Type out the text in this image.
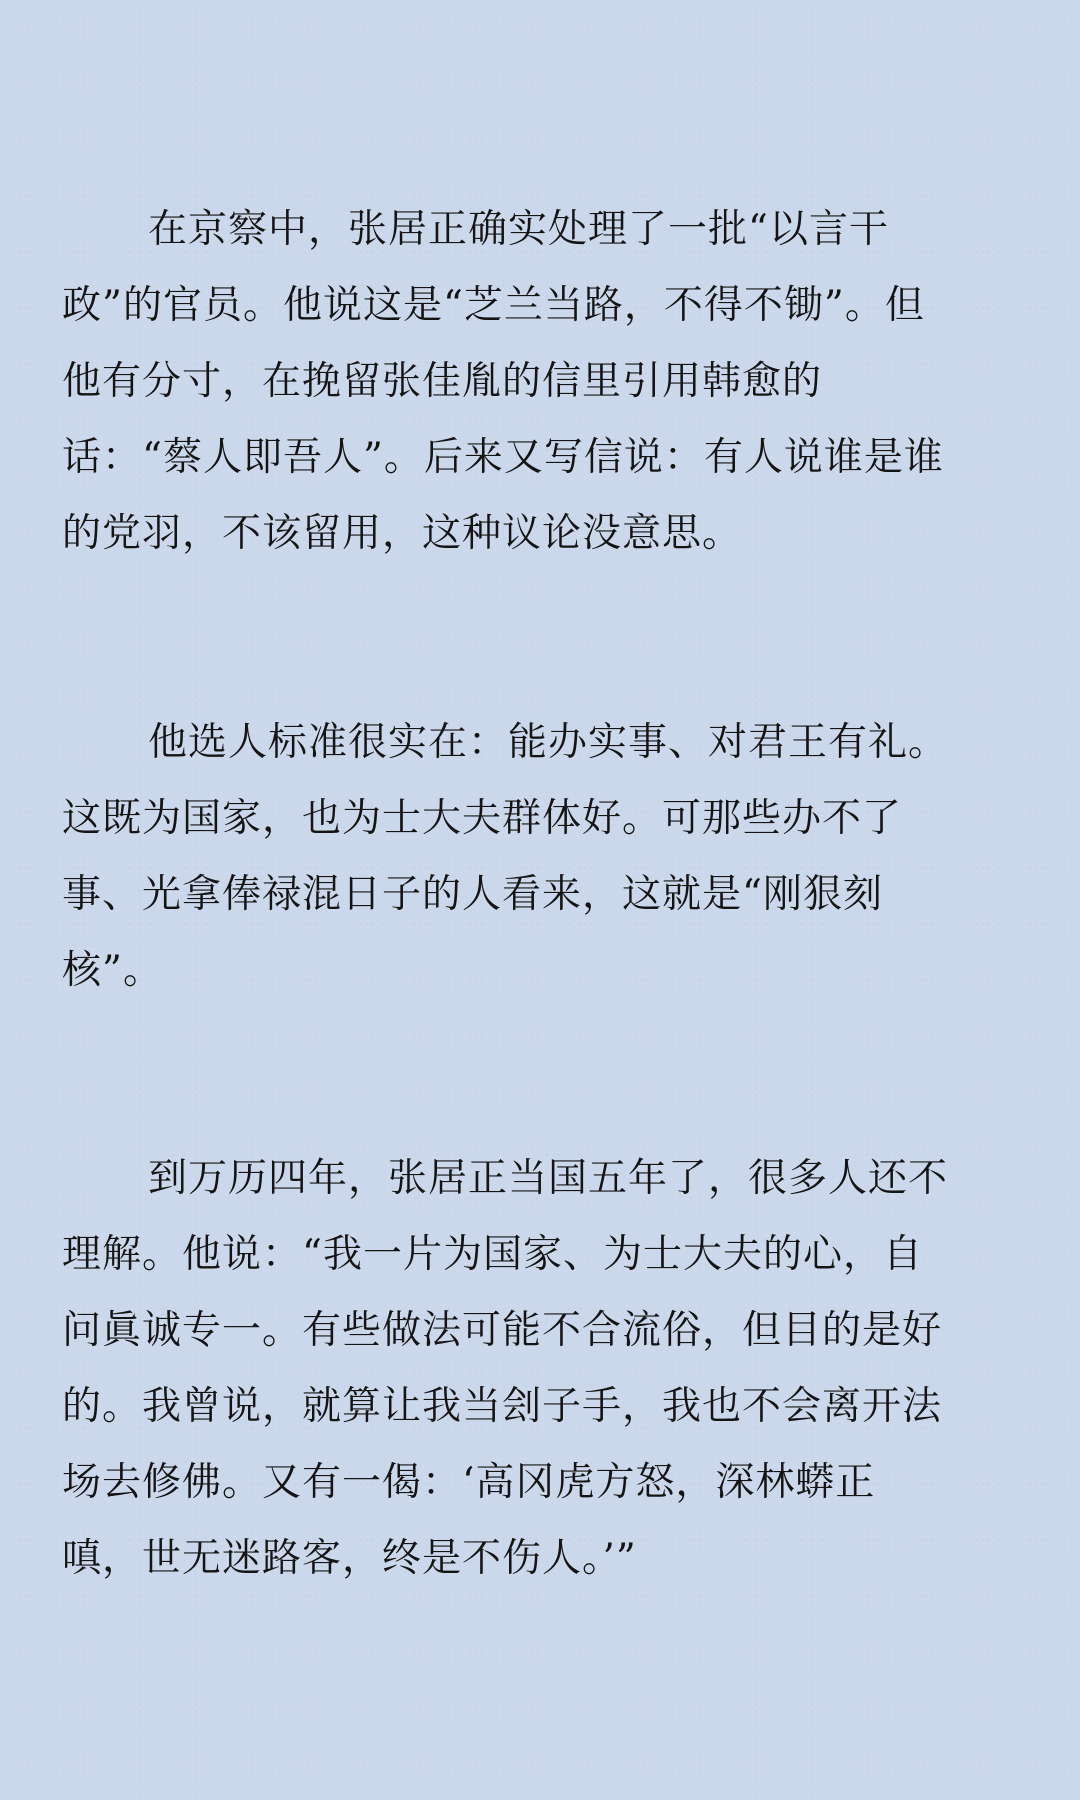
在京察中，张居正确实处理了一批“以言干
政”的官员。他说这是“芝兰当路，不得不锄”。但
他有分寸，在挽留张佳胤的信里引用韩愈的
话：“蔡人即吾人”。后来又写信说：有人说谁是谁
的党羽，不该留用，这种议论没意思。

他选人标准很实在：能办实事、对君王有礼。
这既为国家，也为士大夫群体好。可那些办不了
事、光拿俸禄混日子的人看来，这就是“刚狠刻
核”。

到万历四年，张居正当国五年了，很多人还不
理解。他说：“我一片为国家、为士大夫的心，自
问眞诚专一。有些做法可能不合流俗，但目的是好
的。我曾说，就算让我当刽子手，我也不会离开法
场去修佛。又有一偈：‘高冈虎方怒，深林蟒正
嗔，世无迷路客，终是不伤人。’”
